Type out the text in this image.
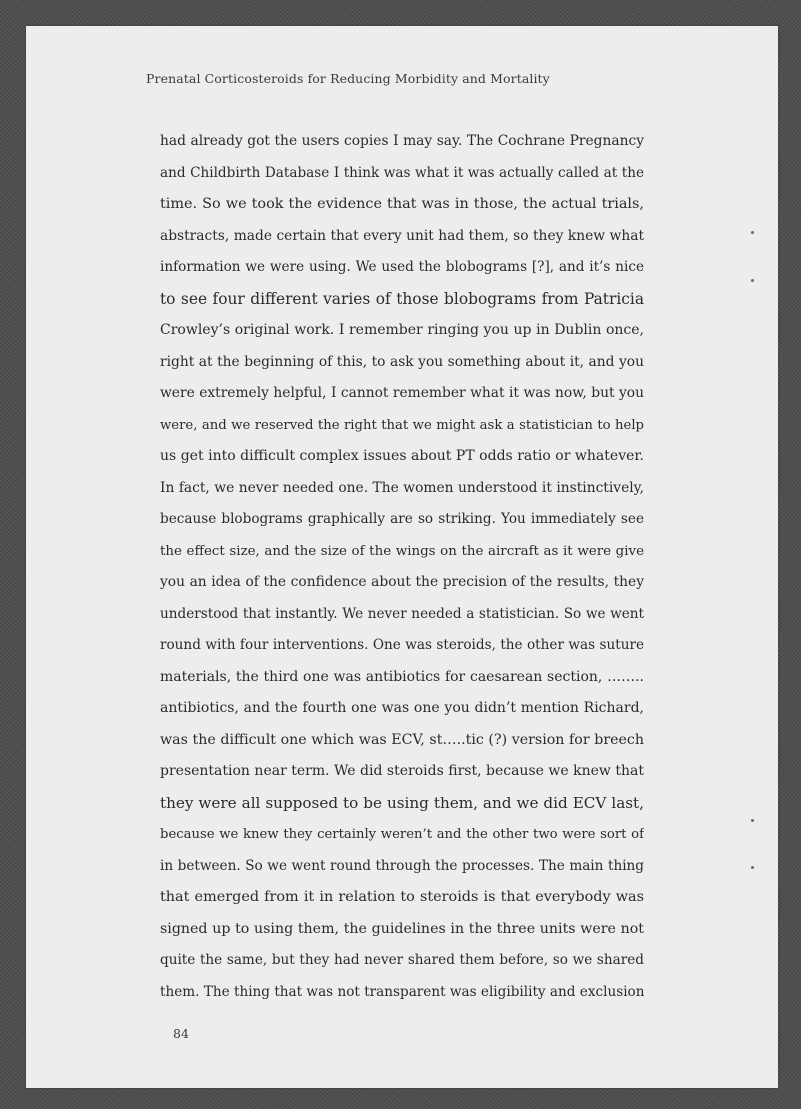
Prenatal Corticosteroids for Reducing Morbidity and Mortality
had already got the users copies I may say. The Cochrane Pregnancy
and Childbirth Database I think was what it was actually called at the
time. So we took the evidence that was in those, the actual trials,
abstracts, made certain that every unit had them, so they knew what
information we were using. We used the blobograms [?], and it’s nice
to see four different varies of those blobograms from Patricia
Crowley’s original work. I remember ringing you up in Dublin once,
right at the beginning of this, to ask you something about it, and you
were extremely helpful, I cannot remember what it was now, but you
were, and we reserved the right that we might ask a statistician to help
us get into difficult complex issues about PT odds ratio or whatever.
In fact, we never needed one. The women understood it instinctively,
because blobograms graphically are so striking. You immediately see
the effect size, and the size of the wings on the aircraft as it were give
you an idea of the confidence about the precision of the results, they
understood that instantly. We never needed a statistician. So we went
round with four interventions. One was steroids, the other was suture
materials, the third one was antibiotics for caesarean section, ……..
antibiotics, and the fourth one was one you didn’t mention Richard,
was the difficult one which was ECV, st…..tic (?) version for breech
presentation near term. We did steroids first, because we knew that
they were all supposed to be using them, and we did ECV last,
because we knew they certainly weren’t and the other two were sort of
in between. So we went round through the processes. The main thing
that emerged from it in relation to steroids is that everybody was
signed up to using them, the guidelines in the three units were not
quite the same, but they had never shared them before, so we shared
them. The thing that was not transparent was eligibility and exclusion
84
